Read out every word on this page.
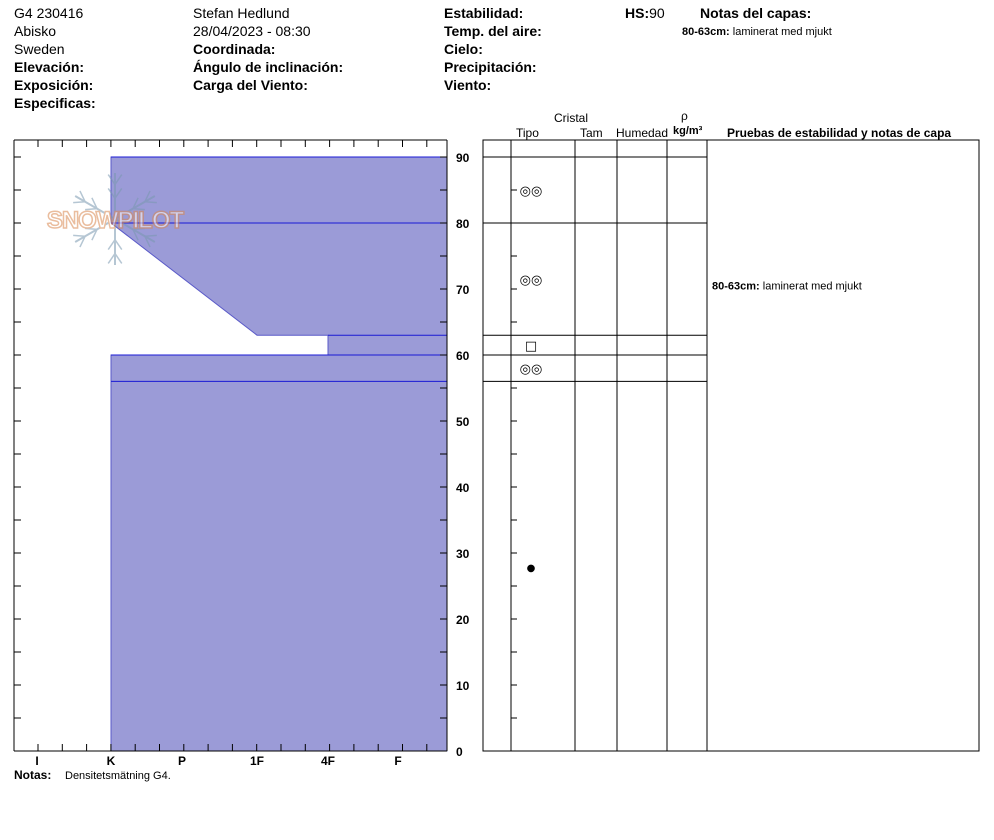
G4 230416
Abisko
Sweden
Elevación:
Exposición:
Especificas:
Stefan Hedlund
28/04/2023 - 08:30
Coordinada:
Ángulo de inclinación:
Carga del Viento:
Estabilidad:
Temp. del aire:
Cielo:
Precipitación:
Viento:
HS:90	Notas del capas:
80-63cm: laminerat med mjukt
Cristal
Tipo	Tam Humedad
ρ
kg/m³ Pruebas de estabilidad y notas de capa
Notas: Densitetsmätning G4.
I	K	P	1F	4F	F
0
10
20
30
40
50
60
70
80
90
◎◎
◎◎
□
◎◎
●
80-63cm: laminerat med mjukt
SNOWPILOT
